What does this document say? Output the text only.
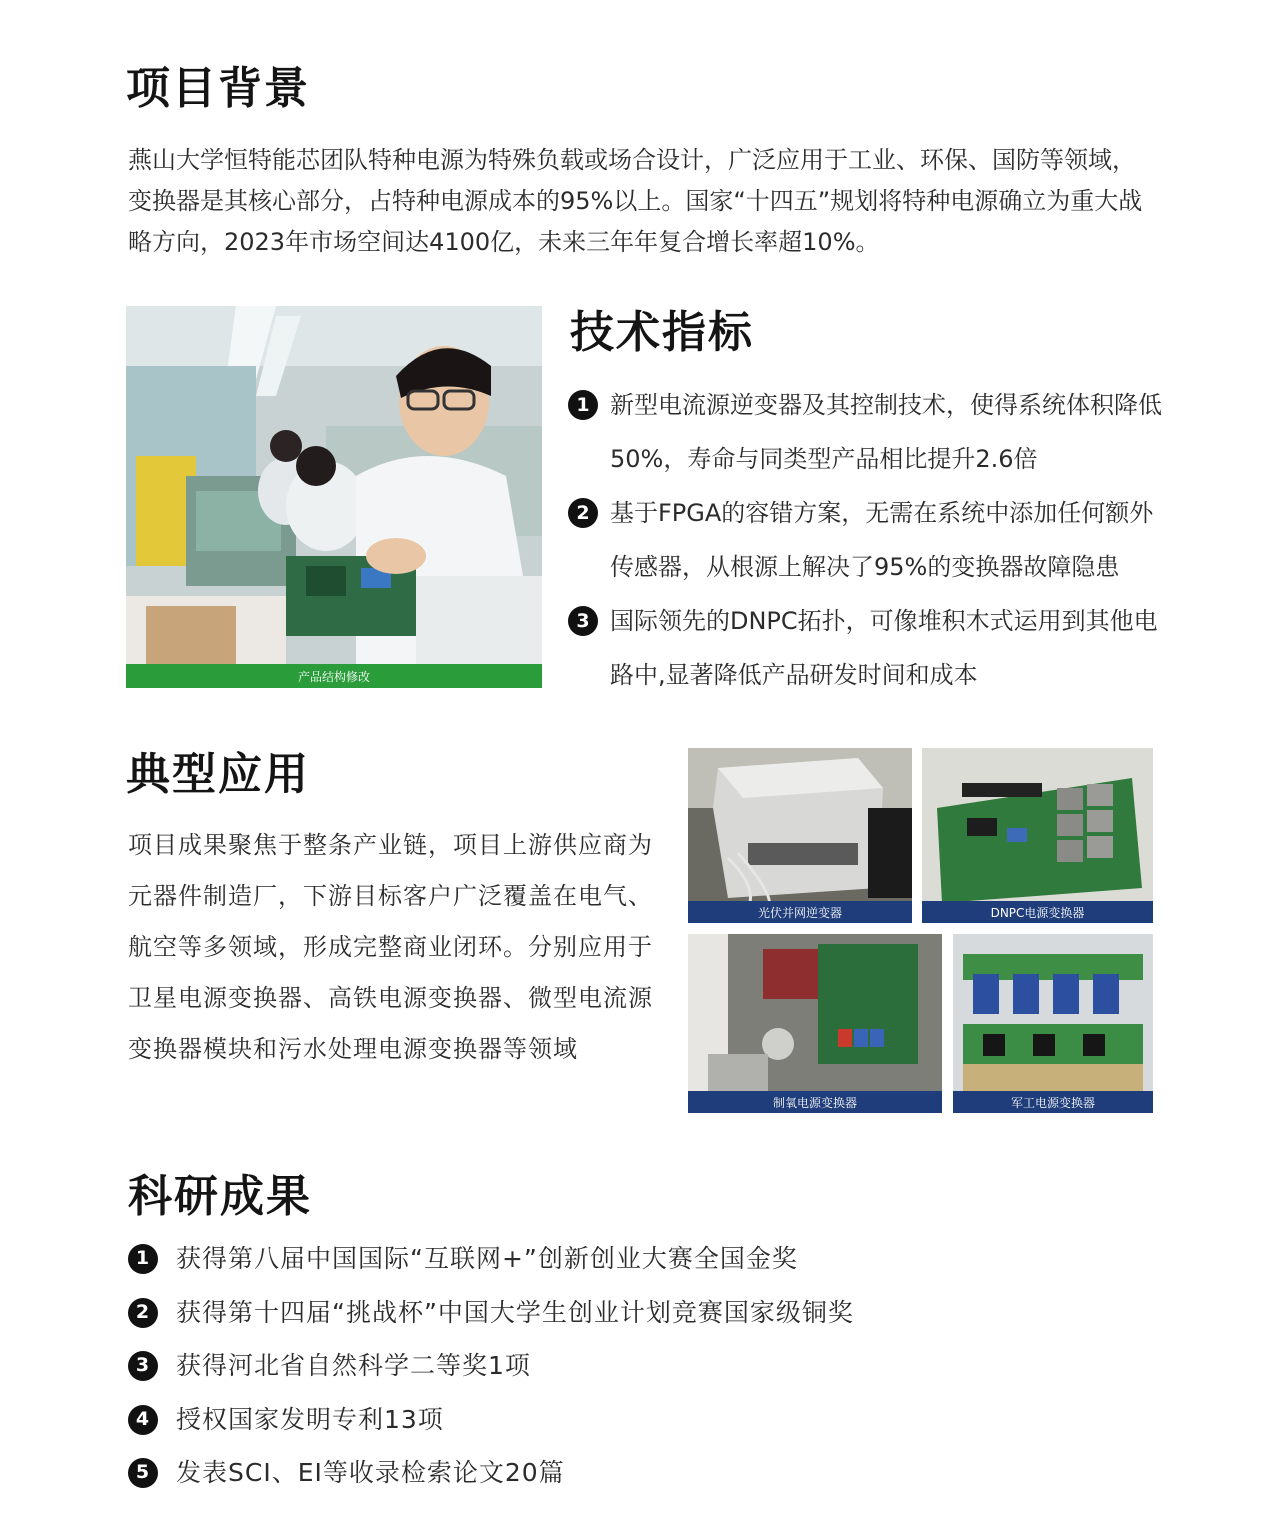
项目背景

燕山大学恒特能芯团队特种电源为特殊负载或场合设计，广泛应用于工业、环保、国防等领域，变换器是其核心部分，占特种电源成本的95%以上。国家“十四五”规划将特种电源确立为重大战略方向，2023年市场空间达4100亿，未来三年年复合增长率超10%。

产品结构修改
技术指标
1 新型电流源逆变器及其控制技术，使得系统体积降低50%，寿命与同类型产品相比提升2.6倍
2 基于FPGA的容错方案，无需在系统中添加任何额外传感器，从根源上解决了95%的变换器故障隐患
3 国际领先的DNPC拓扑，可像堆积木式运用到其他电路中,显著降低产品研发时间和成本
典型应用

项目成果聚焦于整条产业链，项目上游供应商为元器件制造厂，下游目标客户广泛覆盖在电气、航空等多领域，形成完整商业闭环。分别应用于卫星电源变换器、高铁电源变换器、微型电流源变换器模块和污水处理电源变换器等领域

光伏并网逆变器	DNPC电源变换器
制氧电源变换器	军工电源变换器
科研成果
1	获得第八届中国国际“互联网+”创新创业大赛全国金奖
2	获得第十四届“挑战杯”中国大学生创业计划竞赛国家级铜奖
3	获得河北省自然科学二等奖1项
4	授权国家发明专利13项
5	发表SCI、EI等收录检索论文20篇
